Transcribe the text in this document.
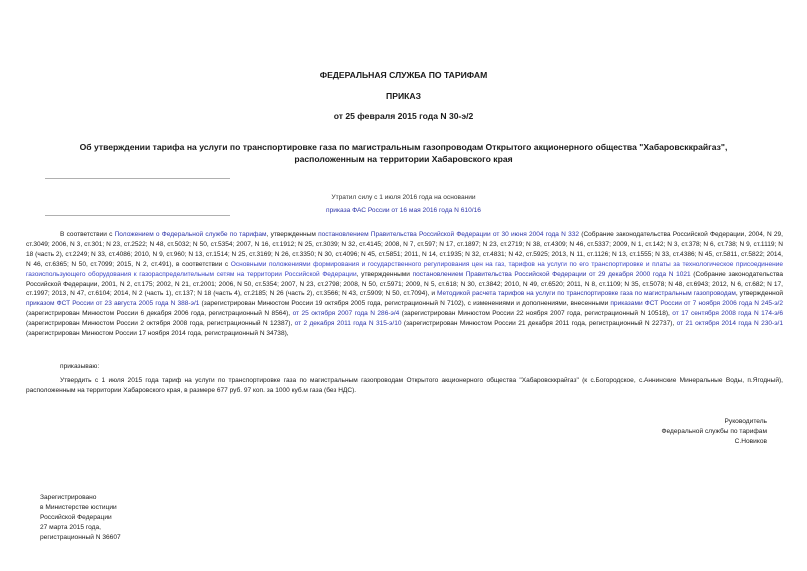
ФЕДЕРАЛЬНАЯ СЛУЖБА ПО ТАРИФАМ
ПРИКАЗ
от 25 февраля 2015 года N 30-э/2
Об утверждении тарифа на услуги по транспортировке газа по магистральным газопроводам Открытого акционерного общества "Хабаровсккрайгаз",
расположенным на территории Хабаровского края
Утратил силу с 1 июля 2016 года на основании
приказа ФАС России от 16 мая 2016 года N 610/16
В соответствии с Положением о Федеральной службе по тарифам, утвержденным постановлением Правительства Российской Федерации от 30 июня 2004 года N 332 (Собрание законодательства Российской Федерации, 2004, N 29, ст.3049; 2006, N 3, ст.301; N 23, ст.2522; N 48, ст.5032; N 50, ст.5354; 2007, N 16, ст.1912; N 25, ст.3039; N 32, ст.4145; 2008, N 7, ст.597; N 17, ст.1897; N 23, ст.2719; N 38, ст.4309; N 46, ст.5337; 2009, N 1, ст.142; N 3, ст.378; N 6, ст.738; N 9, ст.1119; N 18 (часть 2), ст.2249; N 33, ст.4086; 2010, N 9, ст.960; N 13, ст.1514; N 25, ст.3169; N 26, ст.3350; N 30, ст.4096; N 45, ст.5851; 2011, N 14, ст.1935; N 32, ст.4831; N 42, ст.5925; 2013, N 11, ст.1126; N 13, ст.1555; N 33, ст.4386; N 45, ст.5811, ст.5822; 2014, N 46, ст.6365; N 50, ст.7099; 2015, N 2, ст.491), в соответствии с Основными положениями формирования и государственного регулирования цен на газ, тарифов на услуги по его транспортировке и платы за технологическое присоединение газоиспользующего оборудования к газораспределительным сетям на территории Российской Федерации, утвержденными постановлением Правительства Российской Федерации от 29 декабря 2000 года N 1021 (Собрание законодательства Российской Федерации, 2001, N 2, ст.175; 2002, N 21, ст.2001; 2006, N 50, ст.5354; 2007, N 23, ст.2798; 2008, N 50, ст.5971; 2009, N 5, ст.618; N 30, ст.3842; 2010, N 49, ст.6520; 2011, N 8, ст.1109; N 35, ст.5078; N 48, ст.6943; 2012, N 6, ст.682; N 17, ст.1997; 2013, N 47, ст.6104; 2014, N 2 (часть 1), ст.137; N 18 (часть 4), ст.2185; N 26 (часть 2), ст.3566; N 43, ст.5909; N 50, ст.7094), и Методикой расчета тарифов на услуги по транспортировке газа по магистральным газопроводам, утвержденной приказом ФСТ России от 23 августа 2005 года N 388-э/1 (зарегистрирован Минюстом России 19 октября 2005 года, регистрационный N 7102), с изменениями и дополнениями, внесенными приказами ФСТ России от 7 ноября 2006 года N 245-э/2 (зарегистрирован Минюстом России 6 декабря 2006 года, регистрационный N 8564), от 25 октября 2007 года N 286-э/4 (зарегистрирован Минюстом России 22 ноября 2007 года, регистрационный N 10518), от 17 сентября 2008 года N 174-э/6 (зарегистрирован Минюстом России 2 октября 2008 года, регистрационный N 12387), от 2 декабря 2011 года N 315-э/10 (зарегистрирован Минюстом России 21 декабря 2011 года, регистрационный N 22737), от 21 октября 2014 года N 230-э/1 (зарегистрирован Минюстом России 17 ноября 2014 года, регистрационный N 34738),
приказываю:
Утвердить с 1 июля 2015 года тариф на услуги по транспортировке газа по магистральным газопроводам Открытого акционерного общества "Хабаровсккрайгаз" (к с.Богородское, с.Аннинские Минеральные Воды, п.Ягодный), расположенным на территории Хабаровского края, в размере 677 руб. 97 коп. за 1000 куб.м газа (без НДС).
Руководитель
Федеральной службы по тарифам
С.Новиков
Зарегистрировано
в Министерстве юстиции
Российской Федерации
27 марта 2015 года,
регистрационный N 36607
